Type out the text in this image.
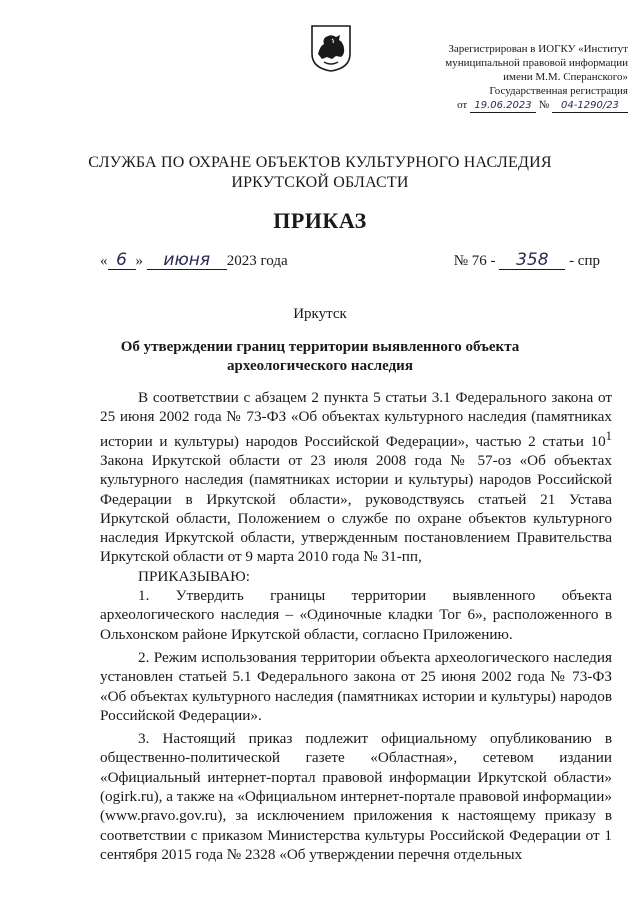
Зарегистрирован в ИОГКУ «Институт
муниципальной правовой информации
имени М.М. Сперанского»
Государственная регистрация
от 19.06.2023 № 04-1290/23
СЛУЖБА ПО ОХРАНЕ ОБЪЕКТОВ КУЛЬТУРНОГО НАСЛЕДИЯ
ИРКУТСКОЙ ОБЛАСТИ
ПРИКАЗ
« 6 » июня 2023 года	№ 76 - 358 - спр
Иркутск
Об утверждении границ территории выявленного объекта
археологического наследия

В соответствии с абзацем 2 пункта 5 статьи 3.1 Федерального закона от 25 июня 2002 года № 73-ФЗ «Об объектах культурного наследия (памятниках истории и культуры) народов Российской Федерации», частью 2 статьи $10^1$ Закона Иркутской области от 23 июля 2008 года № 57-оз «Об объектах культурного наследия (памятниках истории и культуры) народов Российской Федерации в Иркутской области», руководствуясь статьей 21 Устава Иркутской области, Положением о службе по охране объектов культурного наследия Иркутской области, утвержденным постановлением Правительства Иркутской области от 9 марта 2010 года № 31-пп,

ПРИКАЗЫВАЮ:

1. Утвердить границы территории выявленного объекта археологического наследия – «Одиночные кладки Тог 6», расположенного в Ольхонском районе Иркутской области, согласно Приложению.

2. Режим использования территории объекта археологического наследия установлен статьей 5.1 Федерального закона от 25 июня 2002 года № 73-ФЗ «Об объектах культурного наследия (памятниках истории и культуры) народов Российской Федерации».

3. Настоящий приказ подлежит официальному опубликованию в общественно-политической газете «Областная», сетевом издании «Официальный интернет-портал правовой информации Иркутской области» (ogirk.ru), а также на «Официальном интернет-портале правовой информации» (www.pravo.gov.ru), за исключением приложения к настоящему приказу в соответствии с приказом Министерства культуры Российской Федерации от 1 сентября 2015 года № 2328 «Об утверждении перечня отдельных
